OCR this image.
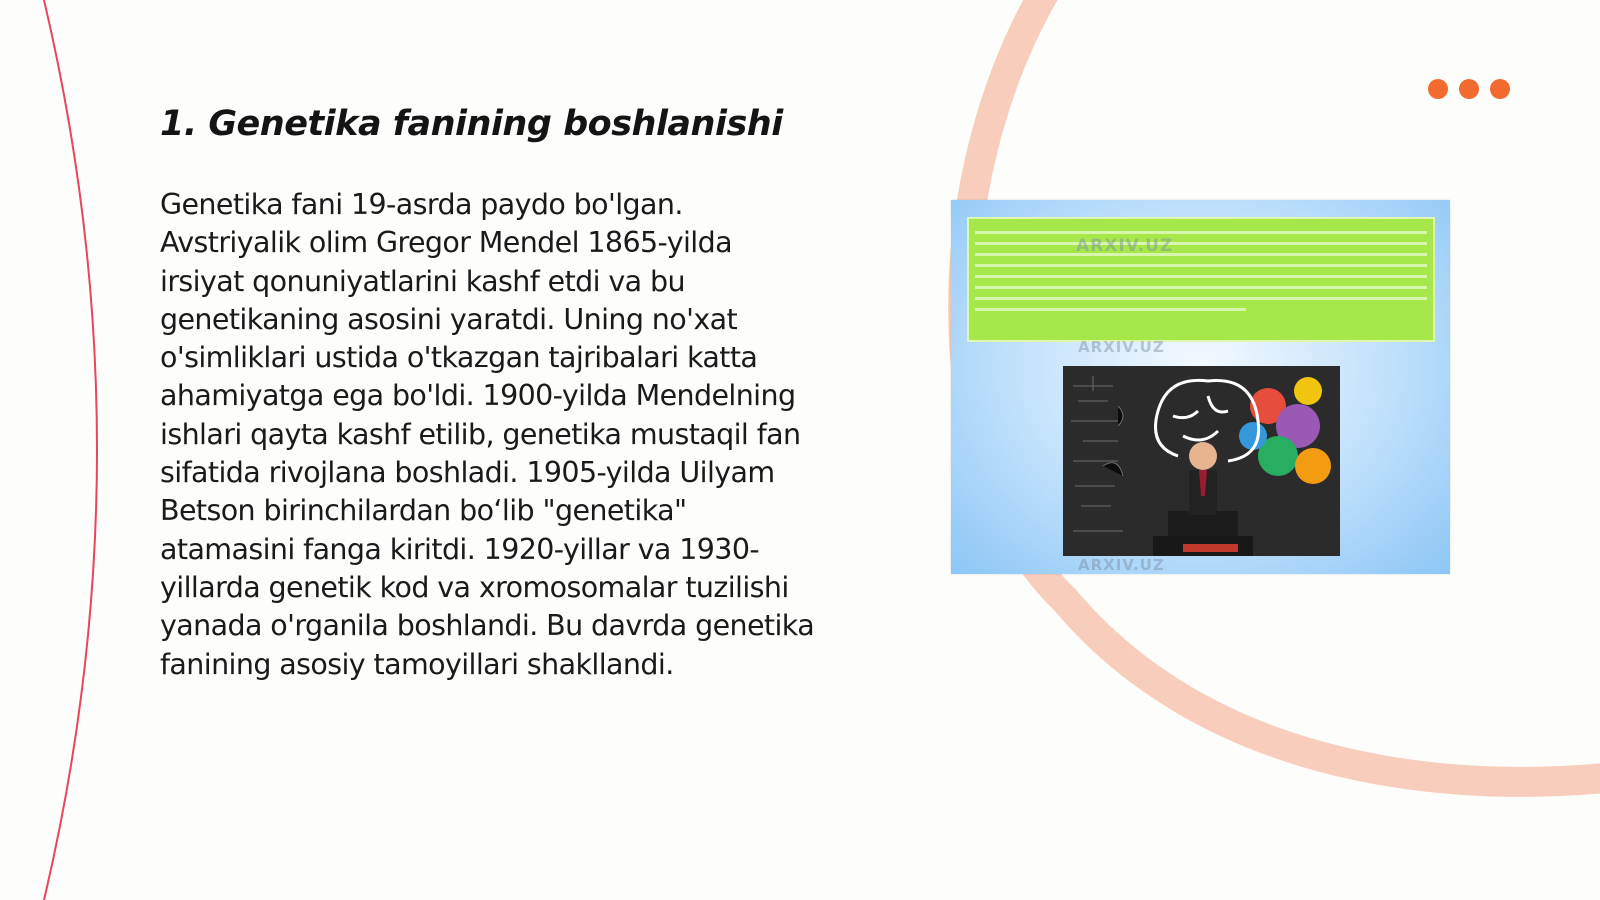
1. Genetika fanining boshlanishi

Genetika fani 19-asrda paydo bo'lgan. Avstriyalik olim Gregor Mendel 1865-yilda irsiyat qonuniyatlarini kashf etdi va bu genetikaning asosini yaratdi. Uning no'xat o'simliklari ustida o'tkazgan tajribalari katta ahamiyatga ega bo'ldi. 1900-yilda Mendelning ishlari qayta kashf etilib, genetika mustaqil fan sifatida rivojlana boshladi. 1905-yilda Uilyam Betson birinchilardan bo‘lib "genetika" atamasini fanga kiritdi. 1920-yillar va 1930-yillarda genetik kod va xromosomalar tuzilishi yanada o'rganila boshlandi. Bu davrda genetika fanining asosiy tamoyillari shakllandi.

ARXIV.UZ
ARXIV.UZ
ARXIV.UZ
